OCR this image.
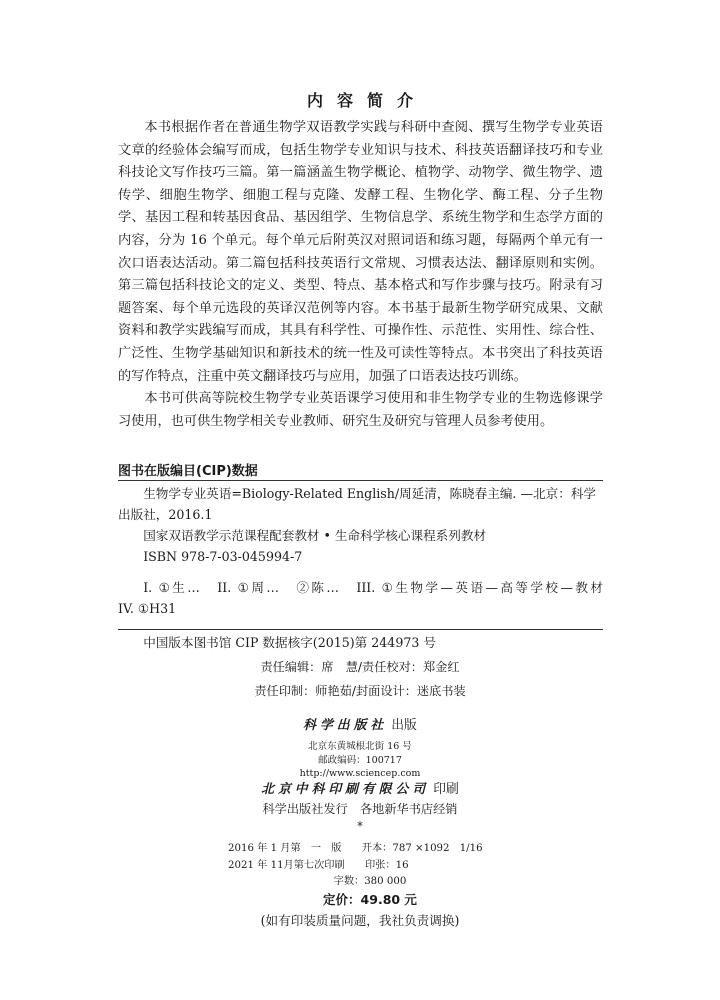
内容简介

本书根据作者在普通生物学双语教学实践与科研中查阅、撰写生物学专业英语文章的经验体会编写而成，包括生物学专业知识与技术、科技英语翻译技巧和专业科技论文写作技巧三篇。第一篇涵盖生物学概论、植物学、动物学、微生物学、遗传学、细胞生物学、细胞工程与克隆、发酵工程、生物化学、酶工程、分子生物学、基因工程和转基因食品、基因组学、生物信息学、系统生物学和生态学方面的内容，分为 16 个单元。每个单元后附英汉对照词语和练习题，每隔两个单元有一次口语表达活动。第二篇包括科技英语行文常规、习惯表达法、翻译原则和实例。第三篇包括科技论文的定义、类型、特点、基本格式和写作步骤与技巧。附录有习题答案、每个单元选段的英译汉范例等内容。本书基于最新生物学研究成果、文献资料和教学实践编写而成，其具有科学性、可操作性、示范性、实用性、综合性、广泛性、生物学基础知识和新技术的统一性及可读性等特点。本书突出了科技英语的写作特点，注重中英文翻译技巧与应用，加强了口语表达技巧训练。

本书可供高等院校生物学专业英语课学习使用和非生物学专业的生物选修课学习使用，也可供生物学相关专业教师、研究生及研究与管理人员参考使用。

图书在版编目(CIP)数据

生物学专业英语=Biology-Related English/周延清，陈晓春主编. —北京：科学出版社，2016.1

国家双语教学示范课程配套教材 • 生命科学核心课程系列教材

ISBN 978-7-03-045994-7

I. ①生…　II. ①周…　②陈…　III. ①生物学—英语—高等学校—教材

IV. ①H31

中国版本图书馆 CIP 数据核字(2015)第 244973 号
责任编辑：席　慧/责任校对：郑金红
责任印制：师艳茹/封面设计：迷底书装
科学出版社 出版
北京东黄城根北街 16 号
邮政编码：100717
http://www.sciencep.com
北京中科印刷有限公司 印刷
科学出版社发行　各地新华书店经销
*
2016 年 1 月第　一　版　　开本：787 ×1092　1/16
2021 年 11月第七次印刷　　印张：16
字数：380 000
定价：49.80 元
(如有印装质量问题，我社负责调换)
